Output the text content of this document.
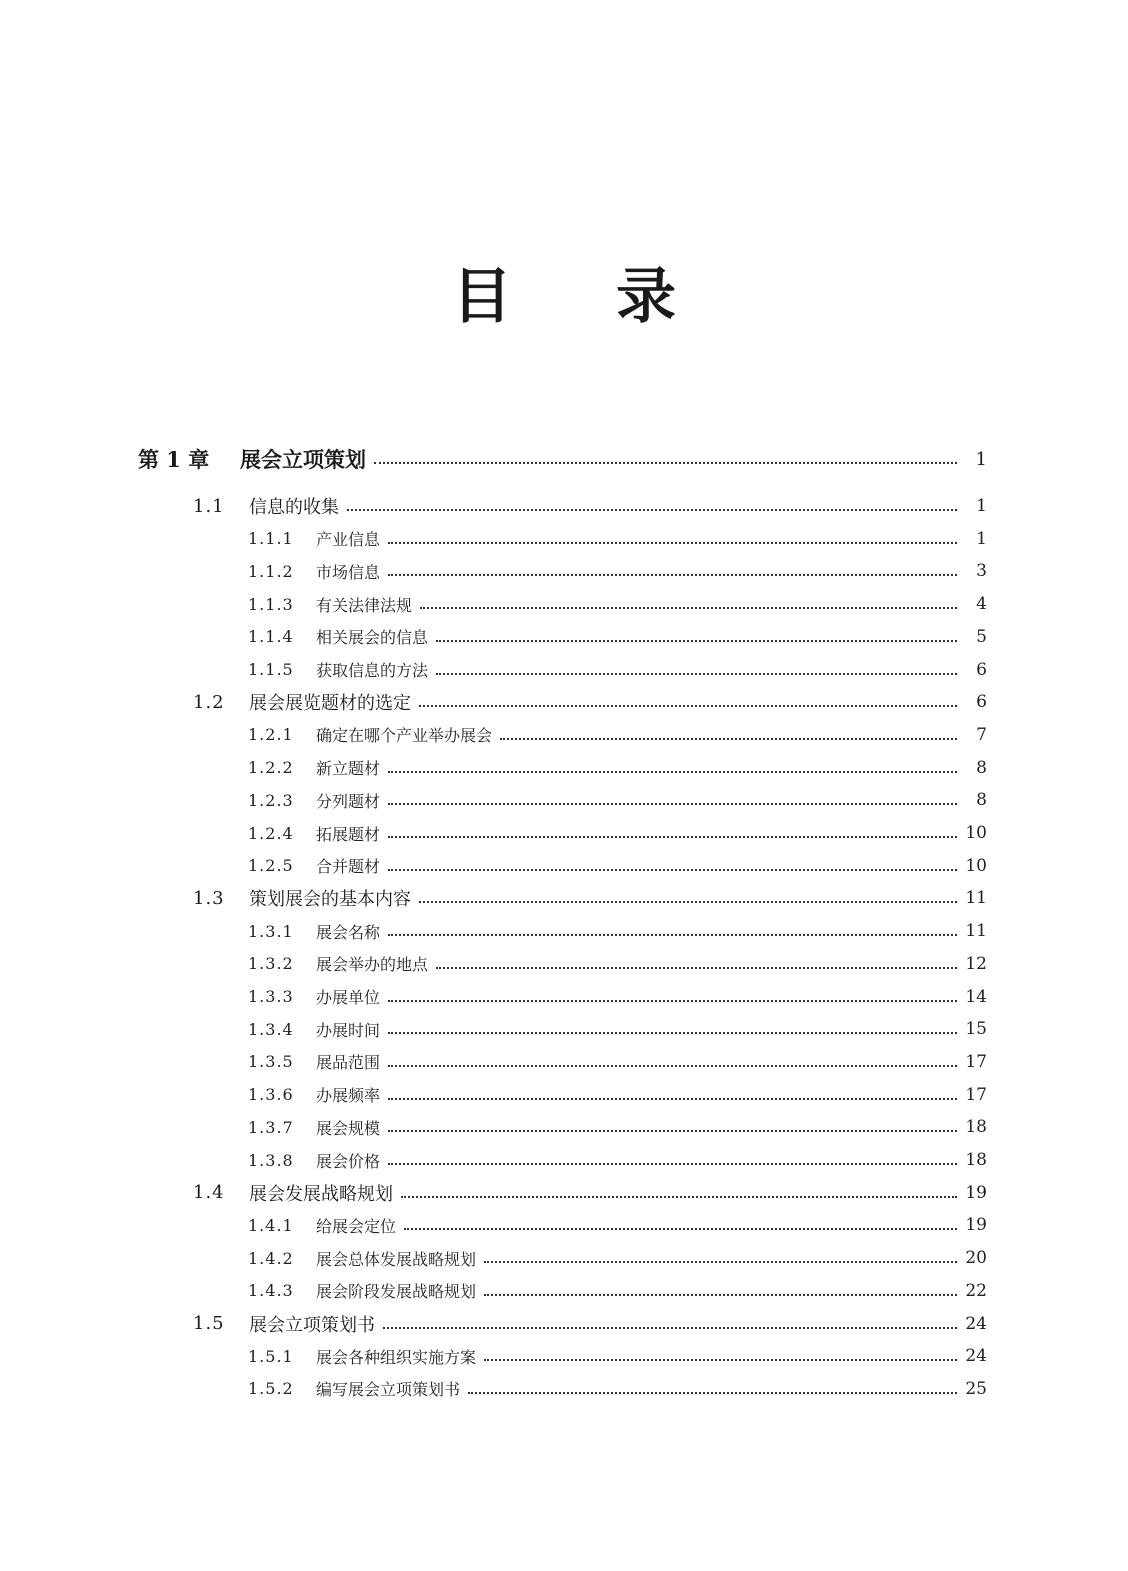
目 录
第 1 章	展会立项策划	1
1.1	信息的收集	1
1.1.1	产业信息	1
1.1.2	市场信息	3
1.1.3	有关法律法规	4
1.1.4	相关展会的信息	5
1.1.5	获取信息的方法	6
1.2	展会展览题材的选定	6
1.2.1	确定在哪个产业举办展会	7
1.2.2	新立题材	8
1.2.3	分列题材	8
1.2.4	拓展题材	10
1.2.5	合并题材	10
1.3	策划展会的基本内容	11
1.3.1	展会名称	11
1.3.2	展会举办的地点	12
1.3.3	办展单位	14
1.3.4	办展时间	15
1.3.5	展品范围	17
1.3.6	办展频率	17
1.3.7	展会规模	18
1.3.8	展会价格	18
1.4	展会发展战略规划	19
1.4.1	给展会定位	19
1.4.2	展会总体发展战略规划	20
1.4.3	展会阶段发展战略规划	22
1.5	展会立项策划书	24
1.5.1	展会各种组织实施方案	24
1.5.2	编写展会立项策划书	25
